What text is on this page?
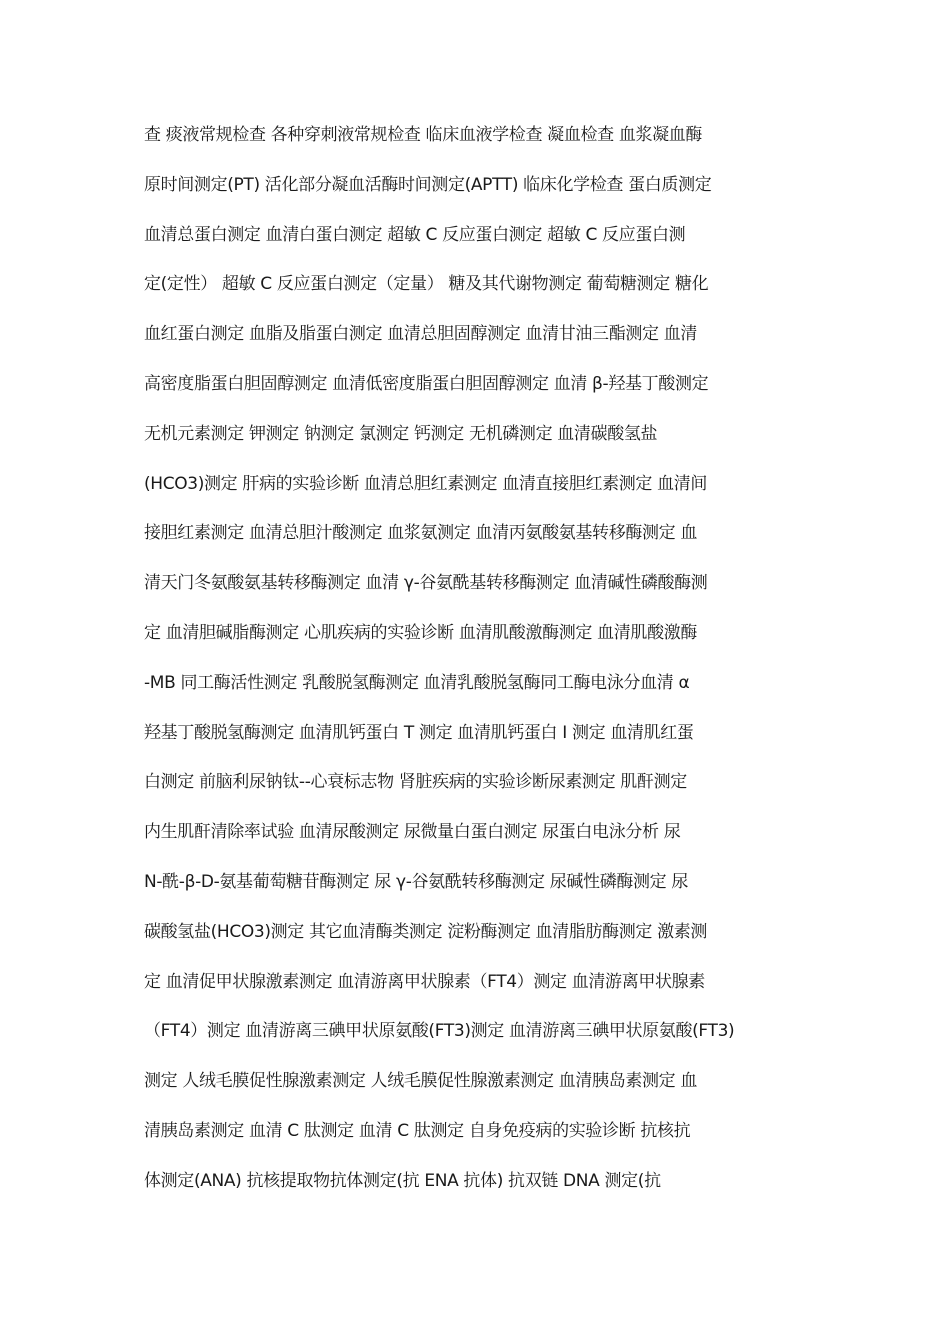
查 痰液常规检查 各种穿刺液常规检查 临床血液学检查 凝血检查 血浆凝血酶
原时间测定(PT) 活化部分凝血活酶时间测定(APTT) 临床化学检查 蛋白质测定
血清总蛋白测定 血清白蛋白测定 超敏 C 反应蛋白测定 超敏 C 反应蛋白测
定(定性） 超敏 C 反应蛋白测定（定量） 糖及其代谢物测定 葡萄糖测定 糖化
血红蛋白测定 血脂及脂蛋白测定 血清总胆固醇测定 血清甘油三酯测定 血清
高密度脂蛋白胆固醇测定 血清低密度脂蛋白胆固醇测定 血清 β-羟基丁酸测定
无机元素测定 钾测定 钠测定 氯测定 钙测定 无机磷测定 血清碳酸氢盐
(HCO3)测定 肝病的实验诊断 血清总胆红素测定 血清直接胆红素测定 血清间
接胆红素测定 血清总胆汁酸测定 血浆氨测定 血清丙氨酸氨基转移酶测定 血
清天门冬氨酸氨基转移酶测定 血清 γ-谷氨酰基转移酶测定 血清碱性磷酸酶测
定 血清胆碱脂酶测定 心肌疾病的实验诊断 血清肌酸激酶测定 血清肌酸激酶
-MB 同工酶活性测定 乳酸脱氢酶测定 血清乳酸脱氢酶同工酶电泳分血清 α
羟基丁酸脱氢酶测定 血清肌钙蛋白 T 测定 血清肌钙蛋白 I 测定 血清肌红蛋
白测定 前脑利尿钠钛--心衰标志物 肾脏疾病的实验诊断尿素测定 肌酐测定
内生肌酐清除率试验 血清尿酸测定 尿微量白蛋白测定 尿蛋白电泳分析 尿
N-酰-β-D-氨基葡萄糖苷酶测定 尿 γ-谷氨酰转移酶测定 尿碱性磷酶测定 尿
碳酸氢盐(HCO3)测定 其它血清酶类测定 淀粉酶测定 血清脂肪酶测定 激素测
定 血清促甲状腺激素测定 血清游离甲状腺素（FT4）测定 血清游离甲状腺素
（FT4）测定 血清游离三碘甲状原氨酸(FT3)测定 血清游离三碘甲状原氨酸(FT3)
测定 人绒毛膜促性腺激素测定 人绒毛膜促性腺激素测定 血清胰岛素测定 血
清胰岛素测定 血清 C 肽测定 血清 C 肽测定 自身免疫病的实验诊断 抗核抗
体测定(ANA) 抗核提取物抗体测定(抗 ENA 抗体) 抗双链 DNA 测定(抗
